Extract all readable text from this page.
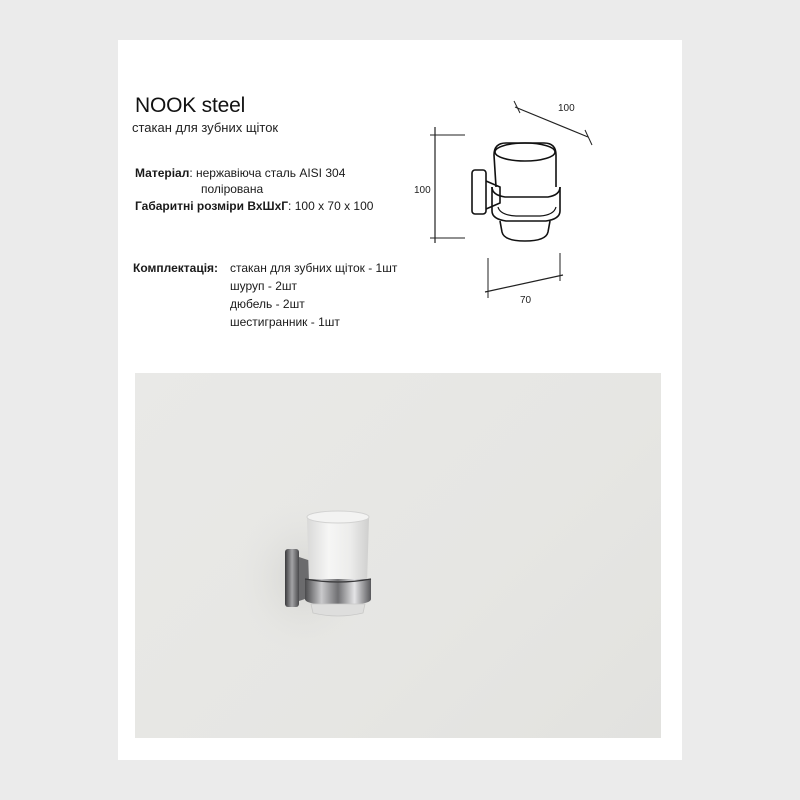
NOOK steel
стакан для зубних щіток
Матеріал: нержавіюча сталь AISI 304
полірована
Габаритні розміри ВхШхГ: 100 х 70 х 100
Комплектація: стакан для зубних щіток - 1шт
шуруп - 2шт
дюбель - 2шт
шестигранник - 1шт
100
100
70
